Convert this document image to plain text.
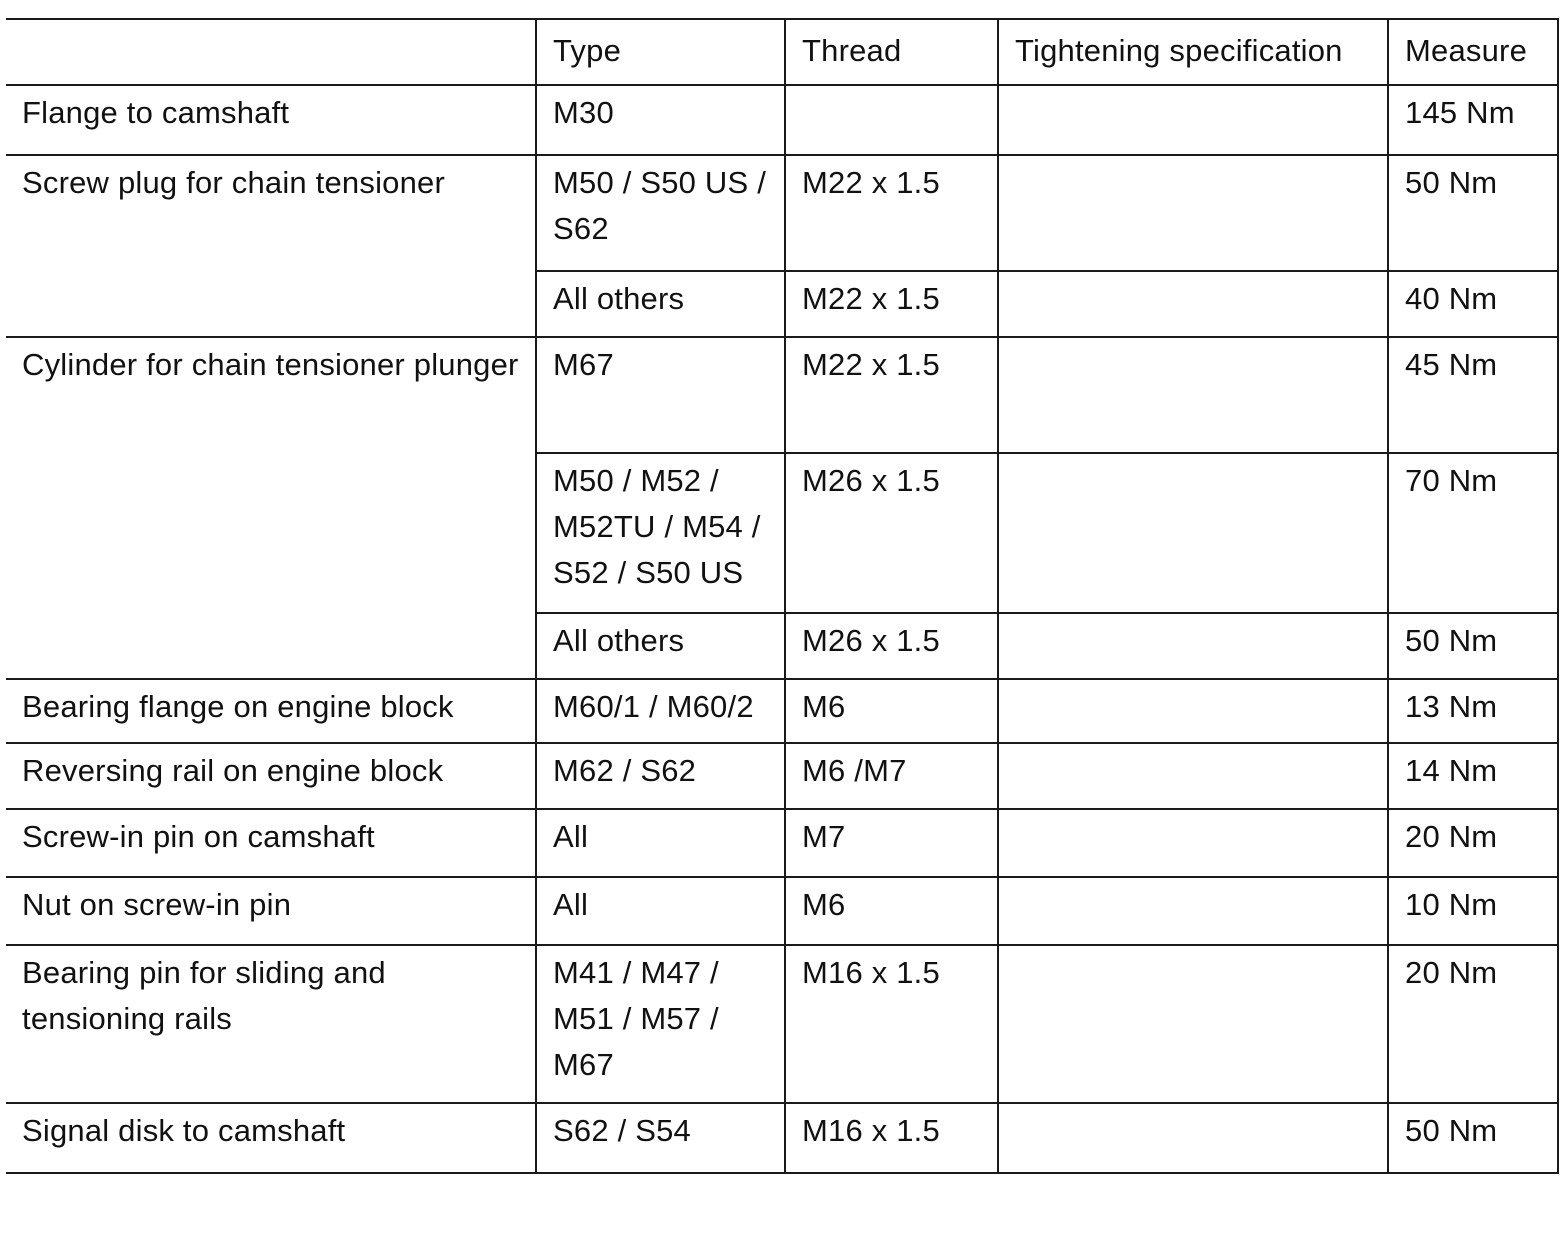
	Type	Thread	Tightening specification	Measure
Flange to camshaft	M30			145 Nm
Screw plug for chain tensioner	M50 / S50 US / S62	M22 x 1.5		50 Nm
	All others	M22 x 1.5		40 Nm
Cylinder for chain tensioner plunger	M67	M22 x 1.5		45 Nm
	M50 / M52 / M52TU / M54 / S52 / S50 US	M26 x 1.5		70 Nm
	All others	M26 x 1.5		50 Nm
Bearing flange on engine block	M60/1 / M60/2	M6		13 Nm
Reversing rail on engine block	M62 / S62	M6 /M7		14 Nm
Screw-in pin on camshaft	All	M7		20 Nm
Nut on screw-in pin	All	M6		10 Nm
Bearing pin for sliding and tensioning rails	M41 / M47 / M51 / M57 / M67	M16 x 1.5		20 Nm
Signal disk to camshaft	S62 / S54	M16 x 1.5		50 Nm
